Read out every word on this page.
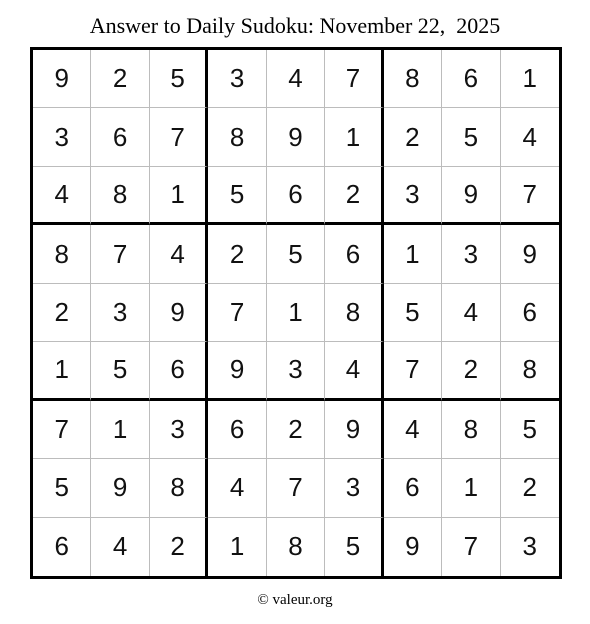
Answer to Daily Sudoku: November 22,  2025
9	2	5	3	4	7	8	6	1
3	6	7	8	9	1	2	5	4
4	8	1	5	6	2	3	9	7
8	7	4	2	5	6	1	3	9
2	3	9	7	1	8	5	4	6
1	5	6	9	3	4	7	2	8
7	1	3	6	2	9	4	8	5
5	9	8	4	7	3	6	1	2
6	4	2	1	8	5	9	7	3
© valeur.org
